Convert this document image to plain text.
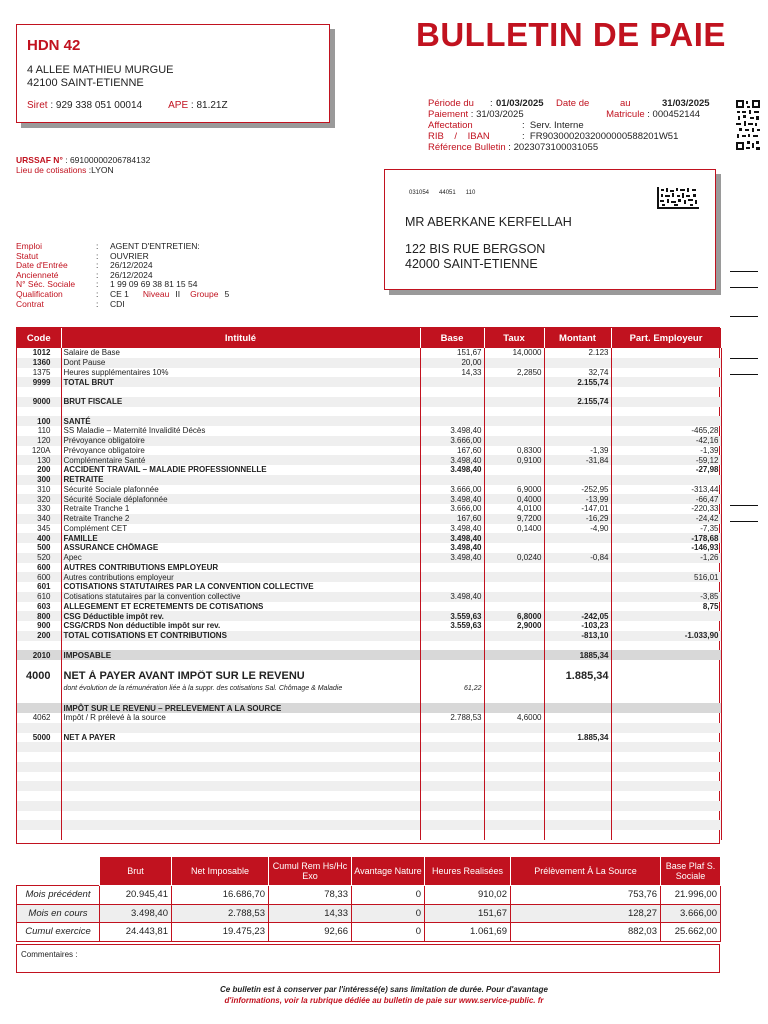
HDN 42
4 ALLEE MATHIEU MURGUE
42100 SAINT-ETIENNE
Siret : 929 338 051 00014	APE : 81.21Z
BULLETIN DE PAIE
Période du	: 01/03/2025	Date de	au	31/03/2025
Paiement : 31/03/2025	Matricule : 000452144
Affectation	: Serv. Interne
RIB    /    IBAN	: FR9030002032000000588201W51
Référence Bulletin : 2023073100031055
URSSAF N° : 69100000206784132
Lieu de cotisations :LYON
031054 44051 110
MR ABERKANE KERFELLAH
122 BIS RUE BERGSON
42000 SAINT-ETIENNE
Emploi	:	AGENT D'ENTRETIEN:
Statut	:	OUVRIER
Date d'Entrée	:	26/12/2024
Ancienneté	:	26/12/2024
N° Séc. Sociale	:	1 99 09 69 38 81 15 54
Qualification	:	CE 1 Niveau II Groupe 5
Contrat	:	CDI
Code	Intitulé	Base	Taux	Montant	Part. Employeur
1012	Salaire de Base	151,67	14,0000	2.123	
1360	Dont Pause	20,00			
1375	Heures supplémentaires 10%	14,33	2,2850	32,74	
9999	TOTAL BRUT			2.155,74	

9000	BRUT FISCALE			2.155,74	

100	SANTÉ				
110	SS Maladie – Maternité Invalidité Décès	3.498,40			-465,28
120	Prévoyance obligatoire	3.666,00			-42,16
120A	Prévoyance obligatoire	167,60	0,8300	-1,39	-1,39
130	Complémentaire Santé	3.498,40	0,9100	-31,84	-59,12
200	ACCIDENT TRAVAIL – MALADIE PROFESSIONNELLE	3.498,40			-27,98
300	RETRAITE				
310	Sécurité Sociale plafonnée	3.666,00	6,9000	-252,95	-313,44
320	Sécurité Sociale déplafonnée	3.498,40	0,4000	-13,99	-66,47
330	Retraite Tranche 1	3.666,00	4,0100	-147,01	-220,33
340	Retraite Tranche 2	167,60	9,7200	-16,29	-24,42
345	Complément CET	3.498,40	0,1400	-4,90	-7,35
400	FAMILLE	3.498,40			-178,68
500	ASSURANCE CHÔMAGE	3.498,40			-146,93
520	Apec	3.498,40	0,0240	-0,84	-1,26
600	AUTRES CONTRIBUTIONS EMPLOYEUR				
600	Autres contributions employeur				516,01
601	COTISATIONS STATUTAIRES PAR LA CONVENTION COLLECTIVE				
610	Cotisations statutaires par la convention collective	3.498,40			-3,85
603	ALLEGEMENT ET ECRETEMENTS DE COTISATIONS				8,75
800	CSG Déductible impôt rev.	3.559,63	6,8000	-242,05	
900	CSG/CRDS Non déductible impôt sur rev.	3.559,63	2,9000	-103,23	
200	TOTAL COTISATIONS ET CONTRIBUTIONS			-813,10	-1.033,90

2010	IMPOSABLE			1885,34	

4000	NET À PAYER AVANT IMPÔT SUR LE REVENU			1.885,34	
	dont évolution de la rémunération liée à la suppr. des cotisations Sal. Chômage & Maladie	61,22			

	IMPÔT SUR LE REVENU – PRELEVEMENT A LA SOURCE				
4062	Impôt / R prélevé à la source	2.788,53	4,6000		

5000	NET A PAYER			1.885,34	

	Brut	Net Imposable	Cumul Rem Hs/Hc Exo	Avantage Nature	Heures Realisées	Prélèvement À La Source	Base Plaf S. Sociale
Mois précédent	20.945,41	16.686,70	78,33	0	910,02	753,76	21.996,00
Mois en cours	3.498,40	2.788,53	14,33	0	151,67	128,27	3.666,00
Cumul exercice	24.443,81	19.475,23	92,66	0	1.061,69	882,03	25.662,00
Commentaires :
Ce bulletin est à conserver par l'intéressé(e) sans limitation de durée. Pour d'avantage
d'informations, voir la rubrique dédiée au bulletin de paie sur www.service-public. fr
